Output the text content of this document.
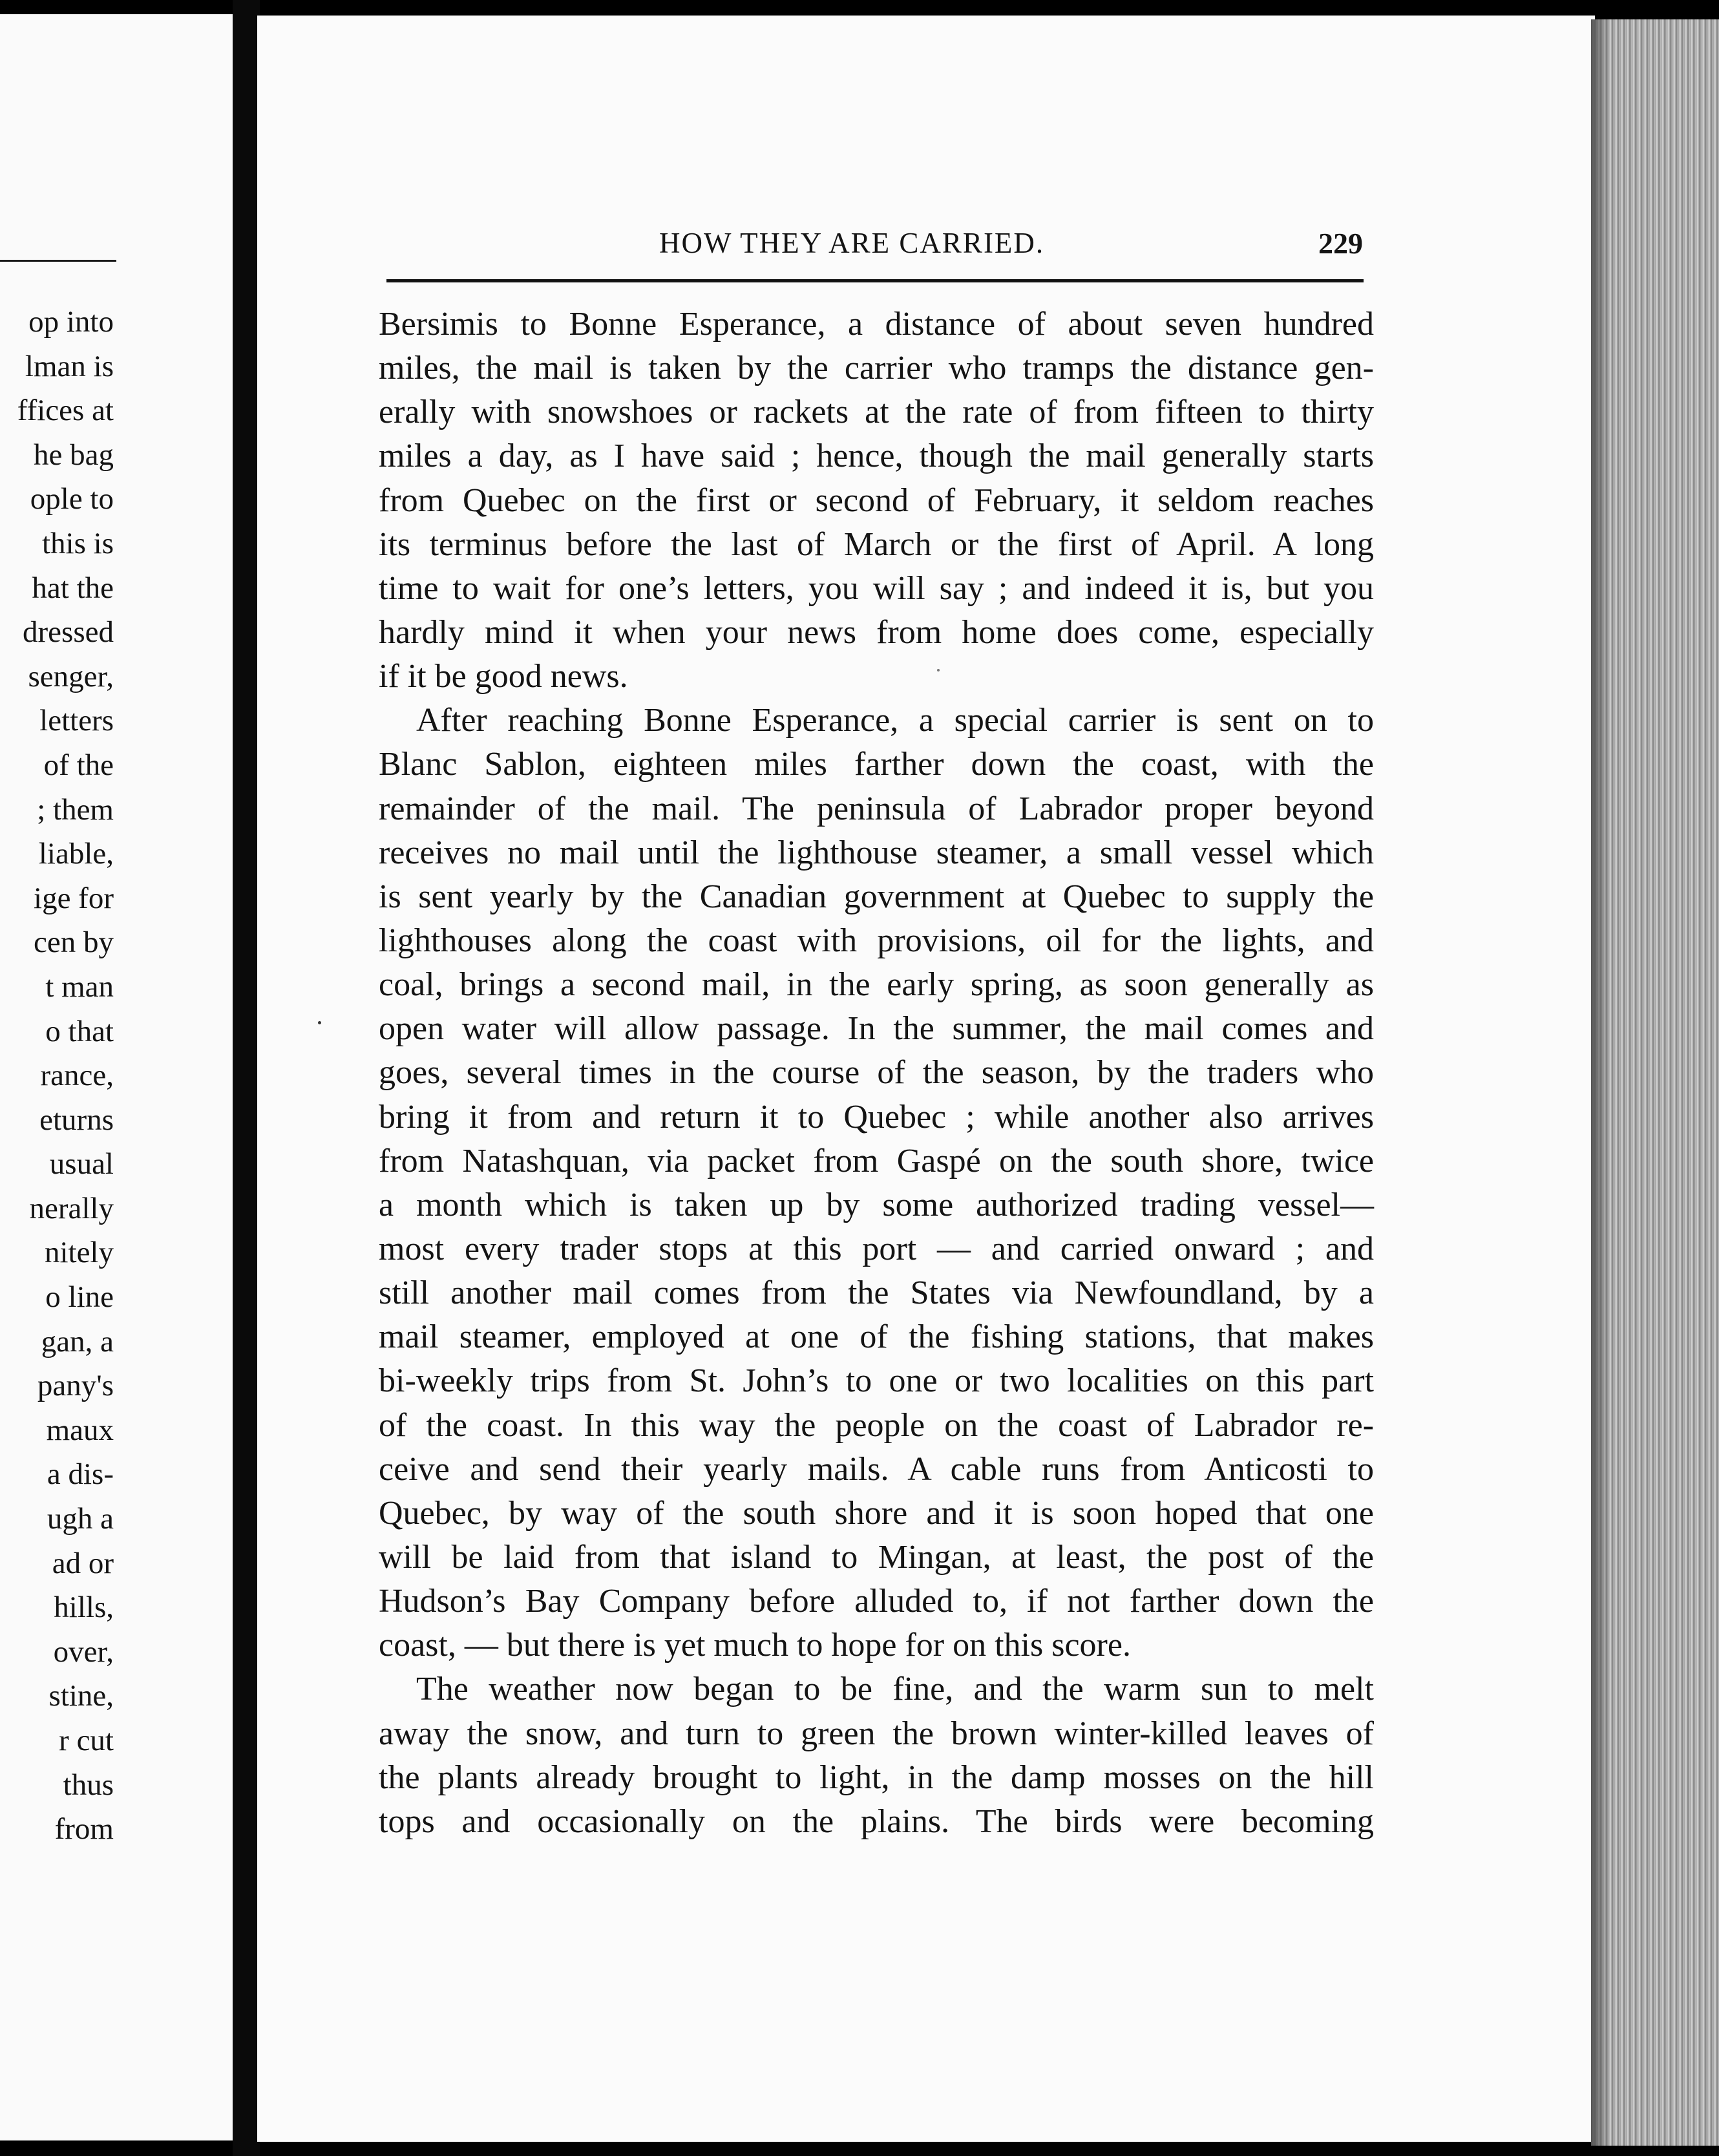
op into
lman is
ffices at
he bag
ople to
this is
hat the
dressed
senger,
letters
of the
; them
liable,
ige for
cen by
t man
o that
rance,
eturns
usual
nerally
nitely
o line
gan, a
pany's
maux
a dis-
ugh a
ad or
hills,
over,
stine,
r cut
thus
from
HOW THEY ARE CARRIED.	229
Bersimis to Bonne Esperance, a distance of about seven hundred
miles, the mail is taken by the carrier who tramps the distance gen-
erally with snowshoes or rackets at the rate of from fifteen to thirty
miles a day, as I have said ; hence, though the mail generally starts
from Quebec on the first or second of February, it seldom reaches
its terminus before the last of March or the first of April. A long
time to wait for one’s letters, you will say ; and indeed it is, but you
hardly mind it when your news from home does come, especially
if it be good news.
After reaching Bonne Esperance, a special carrier is sent on to
Blanc Sablon, eighteen miles farther down the coast, with the
remainder of the mail. The peninsula of Labrador proper beyond
receives no mail until the lighthouse steamer, a small vessel which
is sent yearly by the Canadian government at Quebec to supply the
lighthouses along the coast with provisions, oil for the lights, and
coal, brings a second mail, in the early spring, as soon generally as
open water will allow passage. In the summer, the mail comes and
goes, several times in the course of the season, by the traders who
bring it from and return it to Quebec ; while another also arrives
from Natashquan, via packet from Gaspé on the south shore, twice
a month which is taken up by some authorized trading vessel—
most every trader stops at this port — and carried onward ; and
still another mail comes from the States via Newfoundland, by a
mail steamer, employed at one of the fishing stations, that makes
bi-weekly trips from St. John’s to one or two localities on this part
of the coast. In this way the people on the coast of Labrador re-
ceive and send their yearly mails. A cable runs from Anticosti to
Quebec, by way of the south shore and it is soon hoped that one
will be laid from that island to Mingan, at least, the post of the
Hudson’s Bay Company before alluded to, if not farther down the
coast, — but there is yet much to hope for on this score.
The weather now began to be fine, and the warm sun to melt
away the snow, and turn to green the brown winter-killed leaves of
the plants already brought to light, in the damp mosses on the hill
tops and occasionally on the plains. The birds were becoming
